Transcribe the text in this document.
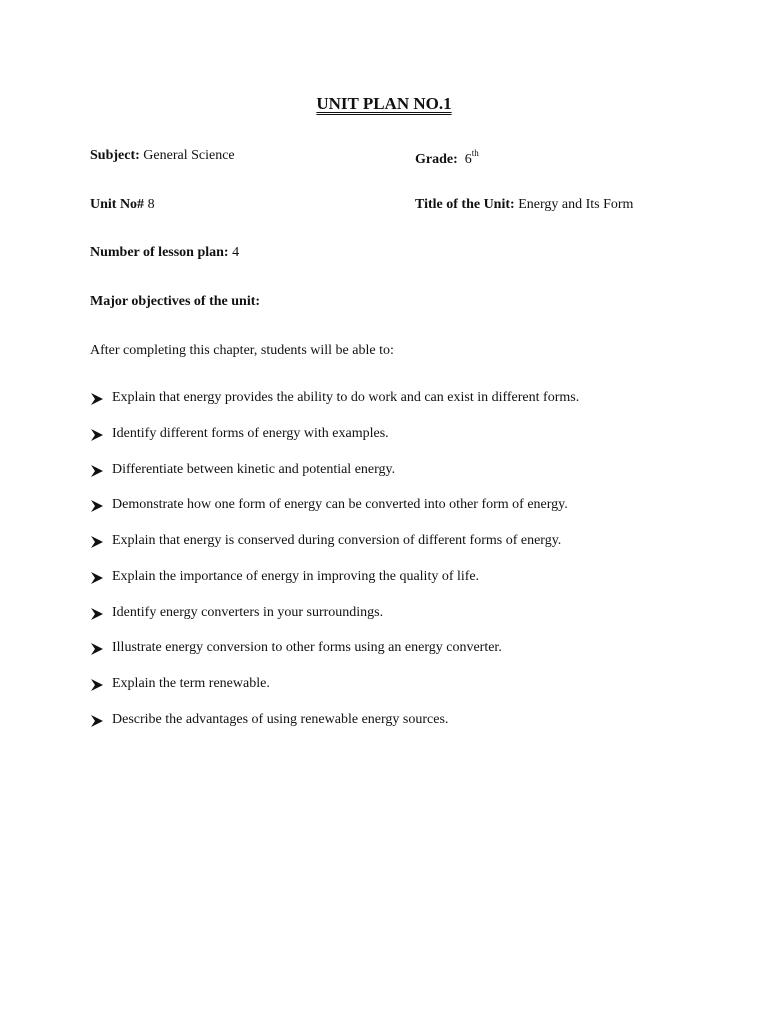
UNIT PLAN NO.1
Subject: General Science	Grade: 6th
Unit No# 8	Title of the Unit: Energy and Its Form
Number of lesson plan: 4
Major objectives of the unit:
After completing this chapter, students will be able to:
Explain that energy provides the ability to do work and can exist in different forms.
Identify different forms of energy with examples.
Differentiate between kinetic and potential energy.
Demonstrate how one form of energy can be converted into other form of energy.
Explain that energy is conserved during conversion of different forms of energy.
Explain the importance of energy in improving the quality of life.
Identify energy converters in your surroundings.
Illustrate energy conversion to other forms using an energy converter.
Explain the term renewable.
Describe the advantages of using renewable energy sources.
